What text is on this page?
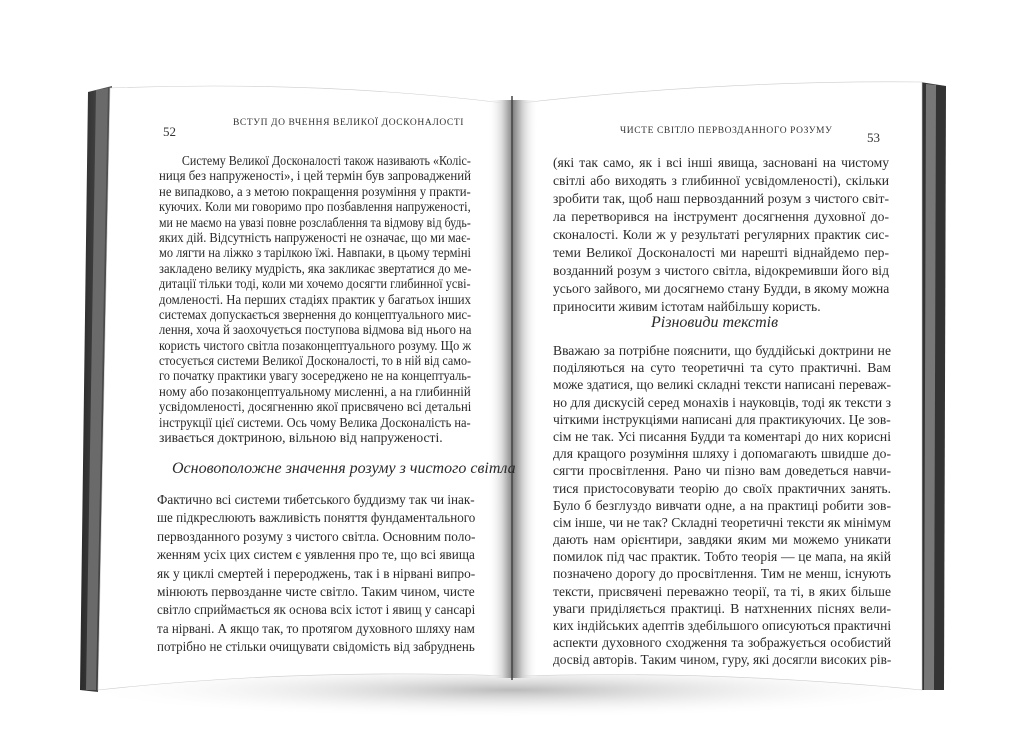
52
ВСТУП ДО ВЧЕННЯ ВЕЛИКОЇ ДОСКОНАЛОСТІ
Систему Великої Досконалості також називають «Коліс-
ниця без напруженості», і цей термін був запроваджений
не випадково, а з метою покращення розуміння у практи-
куючих. Коли ми говоримо про позбавлення напруженості,
ми не маємо на увазі повне розслаблення та відмову від будь-
яких дій. Відсутність напруженості не означає, що ми має-
мо лягти на ліжко з тарілкою їжі. Навпаки, в цьому терміні
закладено велику мудрість, яка закликає звертатися до ме-
дитації тільки тоді, коли ми хочемо досягти глибинної усві-
домленості. На перших стадіях практик у багатьох інших
системах допускається звернення до концептуального мис-
лення, хоча й заохочується поступова відмова від нього на
користь чистого світла позаконцептуального розуму. Що ж
стосується системи Великої Досконалості, то в ній від само-
го початку практики увагу зосереджено не на концептуаль-
ному або позаконцептуальному мисленні, а на глибинній
усвідомленості, досягненню якої присвячено всі детальні
інструкції цієї системи. Ось чому Велика Досконалість на-
зивається доктриною, вільною від напруженості.
Основоположне значення розуму з чистого світла
Фактично всі системи тибетського буддизму так чи інак-
ше підкреслюють важливість поняття фундаментального
первозданного розуму з чистого світла. Основним поло-
женням усіх цих систем є уявлення про те, що всі явища
як у циклі смертей і перероджень, так і в нірвані випро-
мінюють первозданне чисте світло. Таким чином, чисте
світло сприймається як основа всіх істот і явищ у сансарі
та нірвані. А якщо так, то протягом духовного шляху нам
потрібно не стільки очищувати свідомість від забруднень
ЧИСТЕ СВІТЛО ПЕРВОЗДАННОГО РОЗУМУ	53
(які так само, як і всі інші явища, засновані на чистому
світлі або виходять з глибинної усвідомленості), скільки
зробити так, щоб наш первозданний розум з чистого світ-
ла перетворився на інструмент досягнення духовної до-
сконалості. Коли ж у результаті регулярних практик сис-
теми Великої Досконалості ми нарешті віднайдемо пер-
возданний розум з чистого світла, відокремивши його від
усього зайвого, ми досягнемо стану Будди, в якому можна
приносити живим істотам найбільшу користь.
Різновиди текстів
Вважаю за потрібне пояснити, що буддійські доктрини не
поділяються на суто теоретичні та суто практичні. Вам
може здатися, що великі складні тексти написані переваж-
но для дискусій серед монахів і науковців, тоді як тексти з
чіткими інструкціями написані для практикуючих. Це зов-
сім не так. Усі писання Будди та коментарі до них корисні
для кращого розуміння шляху і допомагають швидше до-
сягти просвітлення. Рано чи пізно вам доведеться навчи-
тися пристосовувати теорію до своїх практичних занять.
Було б безглуздо вивчати одне, а на практиці робити зов-
сім інше, чи не так? Складні теоретичні тексти як мінімум
дають нам орієнтири, завдяки яким ми можемо уникати
помилок під час практик. Тобто теорія — це мапа, на якій
позначено дорогу до просвітлення. Тим не менш, існують
тексти, присвячені переважно теорії, та ті, в яких більше
уваги приділяється практиці. В натхненних піснях вели-
ких індійських адептів здебільшого описуються практичні
аспекти духовного сходження та зображується особистий
досвід авторів. Таким чином, гуру, які досягли високих рів-
